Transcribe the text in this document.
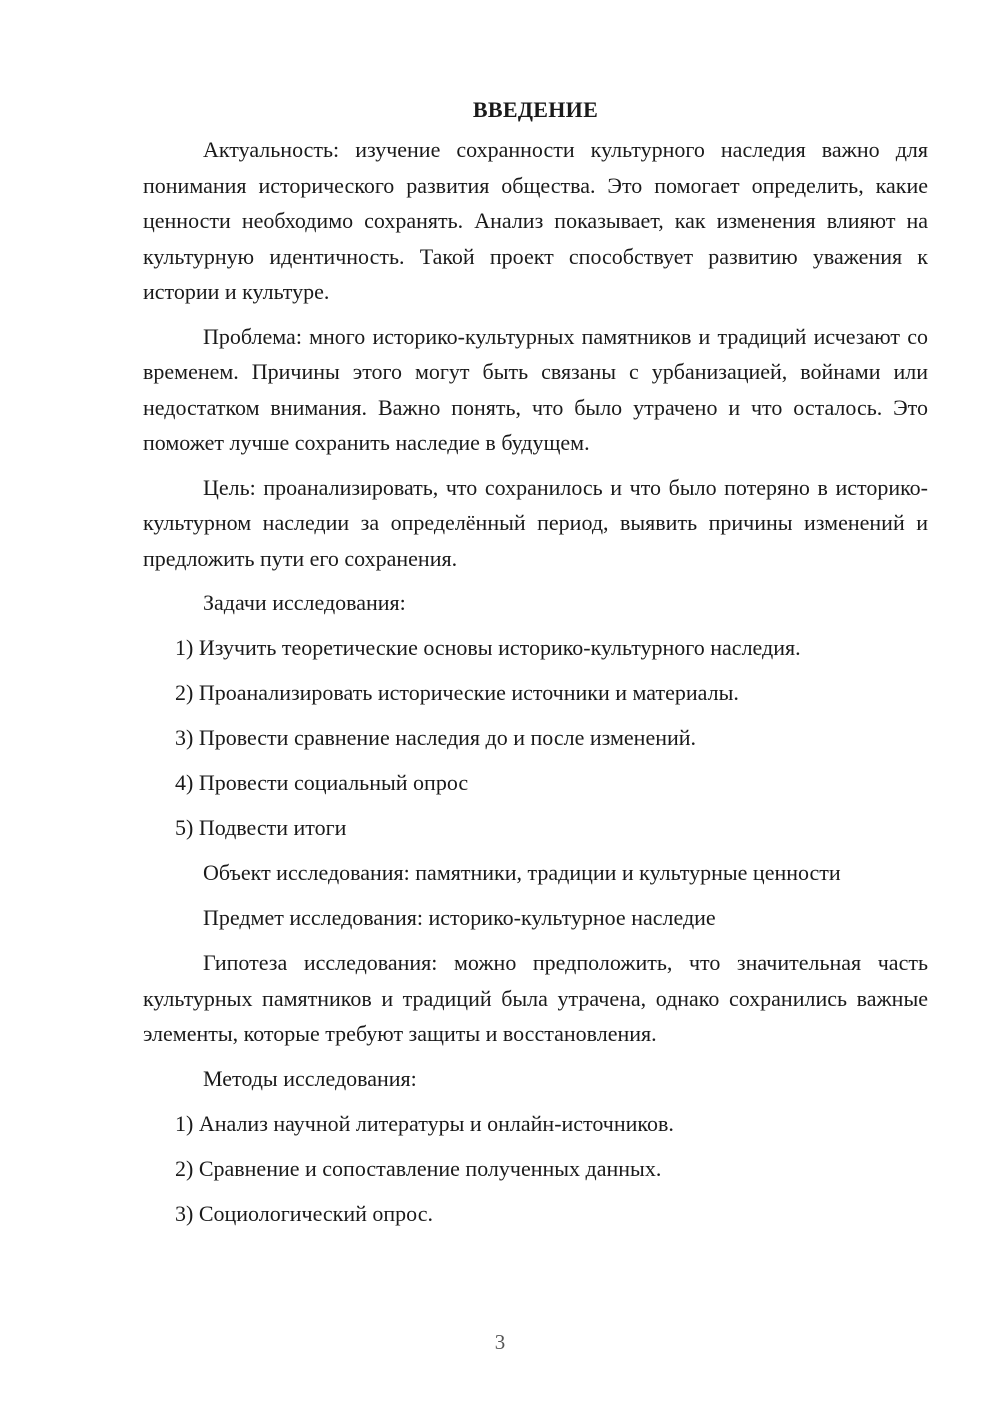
ВВЕДЕНИЕ

Актуальность: изучение сохранности культурного наследия важно для понимания исторического развития общества. Это помогает определить, какие ценности необходимо сохранять. Анализ показывает, как изменения влияют на культурную идентичность. Такой проект способствует развитию уважения к истории и культуре.

Проблема: много историко-культурных памятников и традиций исчезают со временем. Причины этого могут быть связаны с урбанизацией, войнами или недостатком внимания. Важно понять, что было утрачено и что осталось. Это поможет лучше сохранить наследие в будущем.

Цель: проанализировать, что сохранилось и что было потеряно в историко-культурном наследии за определённый период, выявить причины изменений и предложить пути его сохранения.

Задачи исследования:
1) Изучить теоретические основы историко-культурного наследия.
2) Проанализировать исторические источники и материалы.
3) Провести сравнение наследия до и после изменений.
4) Провести социальный опрос
5) Подвести итоги
Объект исследования: памятники, традиции и культурные ценности
Предмет исследования: историко-культурное наследие

Гипотеза исследования: можно предположить, что значительная часть культурных памятников и традиций была утрачена, однако сохранились важные элементы, которые требуют защиты и восстановления.

Методы исследования:
1) Анализ научной литературы и онлайн-источников.
2) Сравнение и сопоставление полученных данных.
3) Социологический опрос.
3
